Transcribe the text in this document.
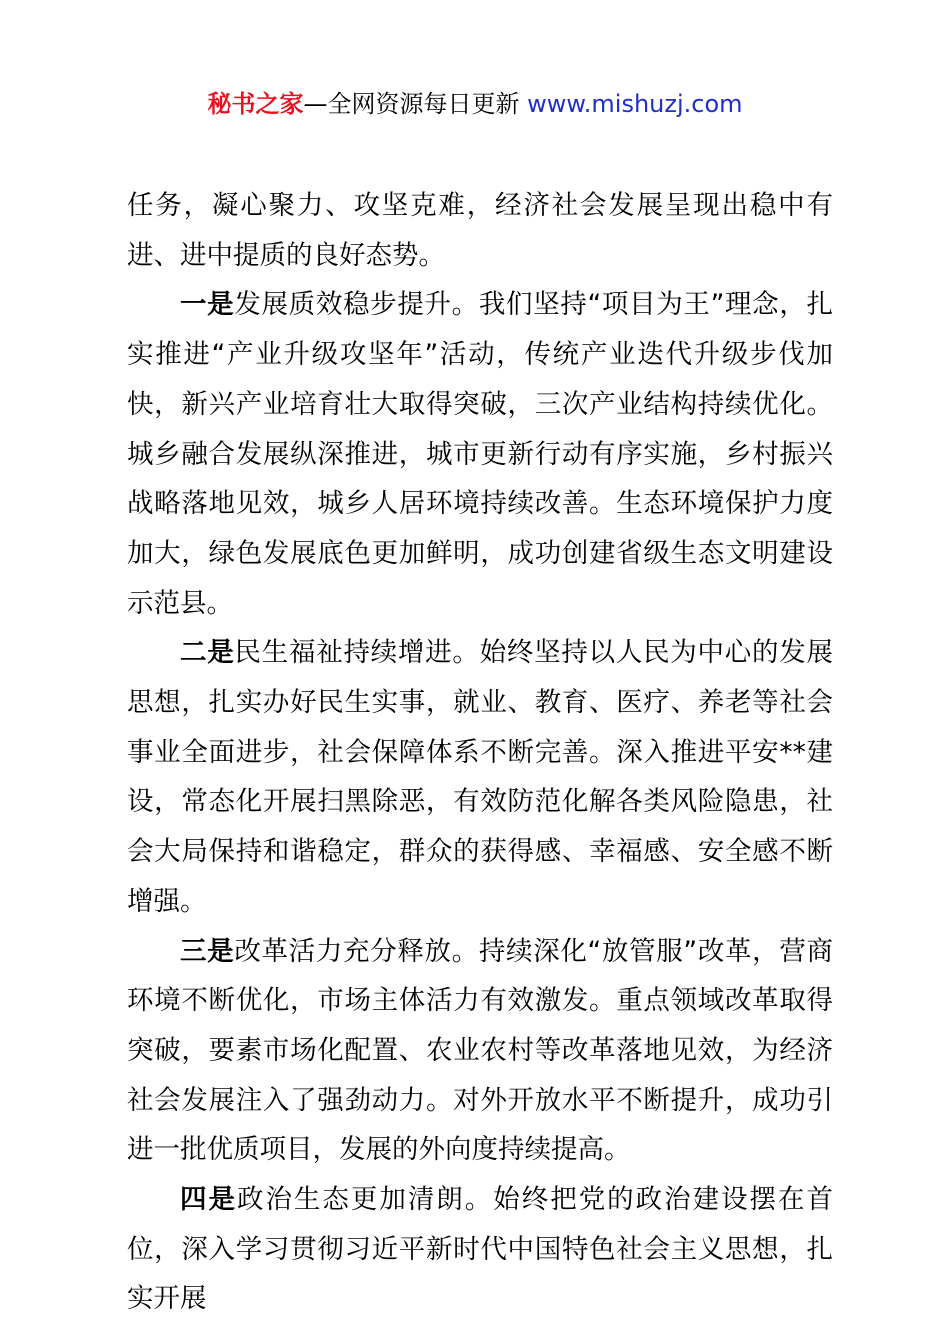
秘书之家—全网资源每日更新 www.mishuzj.com

任务，凝心聚力、攻坚克难，经济社会发展呈现出稳中有进、进中提质的良好态势。

一是发展质效稳步提升。我们坚持“项目为王”理念，扎实推进“产业升级攻坚年”活动，传统产业迭代升级步伐加快，新兴产业培育壮大取得突破，三次产业结构持续优化。城乡融合发展纵深推进，城市更新行动有序实施，乡村振兴战略落地见效，城乡人居环境持续改善。生态环境保护力度加大，绿色发展底色更加鲜明，成功创建省级生态文明建设示范县。

二是民生福祉持续增进。始终坚持以人民为中心的发展思想，扎实办好民生实事，就业、教育、医疗、养老等社会事业全面进步，社会保障体系不断完善。深入推进平安**建设，常态化开展扫黑除恶，有效防范化解各类风险隐患，社会大局保持和谐稳定，群众的获得感、幸福感、安全感不断增强。

三是改革活力充分释放。持续深化“放管服”改革，营商环境不断优化，市场主体活力有效激发。重点领域改革取得突破，要素市场化配置、农业农村等改革落地见效，为经济社会发展注入了强劲动力。对外开放水平不断提升，成功引进一批优质项目，发展的外向度持续提高。

四是政治生态更加清朗。始终把党的政治建设摆在首位，深入学习贯彻习近平新时代中国特色社会主义思想，扎实开展
